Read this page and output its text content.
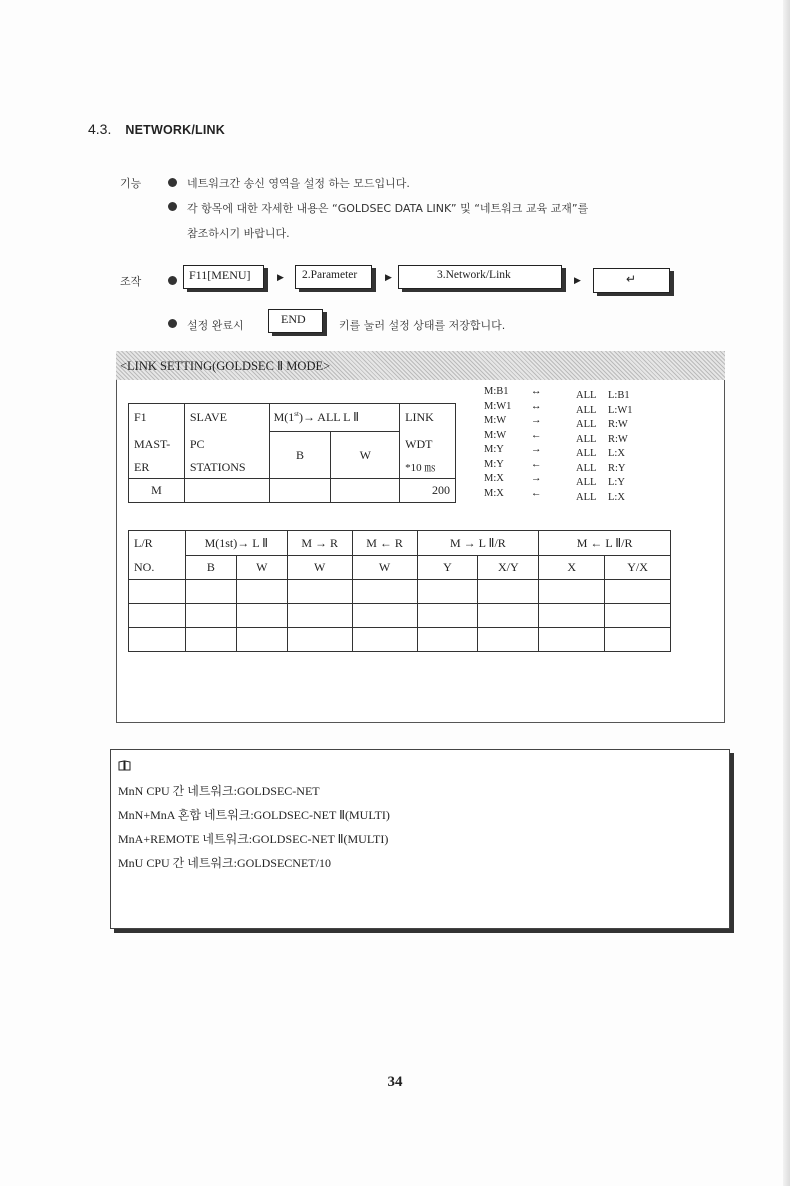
4.3. NETWORK/LINK
기능	네트워크간 송신 영역을 설정 하는 모드입니다.
각 항목에 대한 자세한 내용은 “GOLDSEC DATA LINK” 및 “네트워크 교육 교재”를
참조하시기 바랍니다.
조작	F11[MENU]	▶	2.Parameter	▶	3.Network/Link	▶	↵
설정 완료시	END	키를 눌러 설정 상태를 저장합니다.
<LINK SETTING(GOLDSEC Ⅱ MODE>
F1	SLAVE	M(1st)→ ALL L Ⅱ		LINK
MAST-	PC	B	W	WDT
ER	STATIONS			*10 ㎳
M				200
M:B1 ↔	ALL L:B1
M:W1 ↔	ALL L:W1
M:W →	ALL R:W
M:W ←	ALL R:W
M:Y	→	ALL L:X
M:Y	←	ALL R:Y
M:X	→	ALL L:Y
M:X	←	ALL L:X
L/R	M(1st)→ L Ⅱ		M → R	M ← R	M → L Ⅱ/R		M ← L Ⅱ/R	
NO.	B	W	W	W	Y	X/Y	X	Y/X

MnN CPU 간 네트워크:GOLDSEC-NET
MnN+MnA 혼합 네트워크:GOLDSEC-NET Ⅱ(MULTI)
MnA+REMOTE 네트워크:GOLDSEC-NET Ⅱ(MULTI)
MnU CPU 간 네트워크:GOLDSECNET/10
34
